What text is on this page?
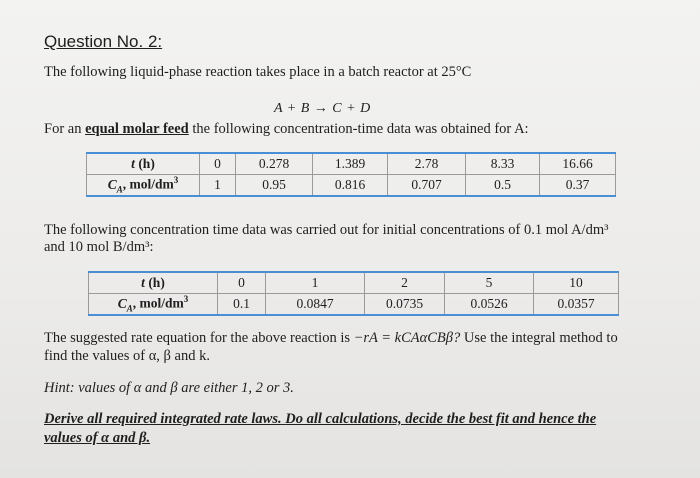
Question No. 2:
The following liquid-phase reaction takes place in a batch reactor at 25°C
A + B → C + D
For an equal molar feed the following concentration-time data was obtained for A:
t (h)	0	0.278	1.389	2.78	8.33	16.66
$C_A$, mol/$dm^3$	1	0.95	0.816	0.707	0.5	0.37
The following concentration time data was carried out for initial concentrations of 0.1 mol A/dm³
and 10 mol B/dm³:
t (h)	0	1	2	5	10
$C_A$, mol/$dm^3$	0.1	0.0847	0.0735	0.0526	0.0357
The suggested rate equation for the above reaction is −rA = kCAαCBβ? Use the integral method to
find the values of α, β and k.
Hint: values of α and β are either 1, 2 or 3.
Derive all required integrated rate laws. Do all calculations, decide the best fit and hence the
values of α and β.
